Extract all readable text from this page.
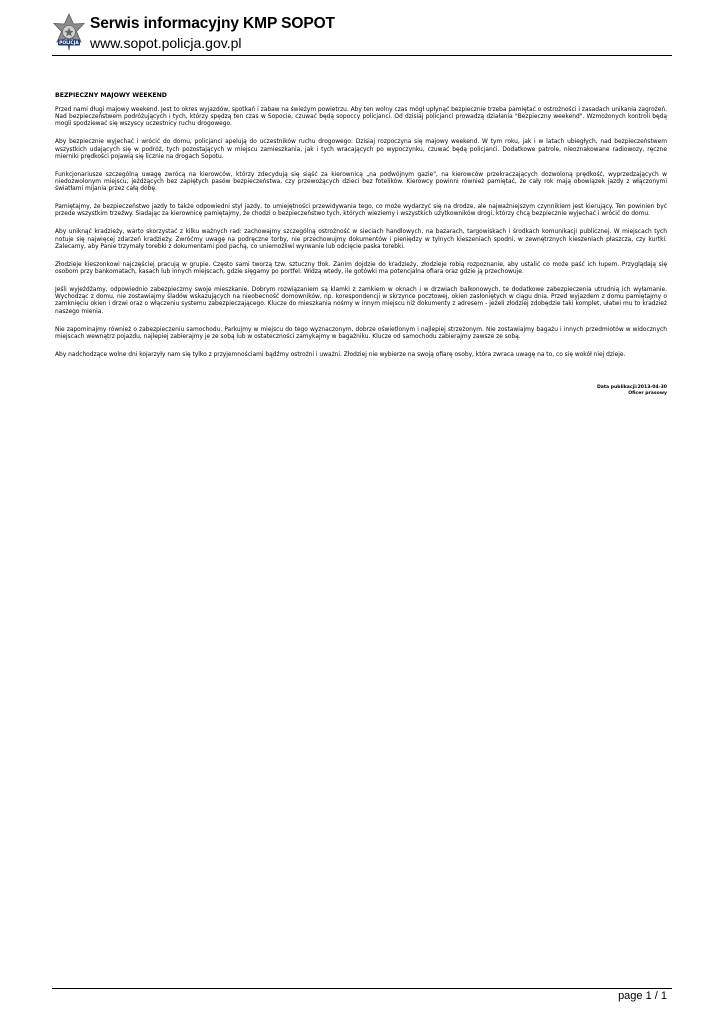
POLICJA
Serwis informacyjny KMP SOPOT
www.sopot.policja.gov.pl
BEZPIECZNY MAJOWY WEEKEND

Przed nami długi majowy weekend. Jest to okres wyjazdów, spotkań i zabaw na świeżym powietrzu. Aby ten wolny czas mógł upłynąć bezpiecznie trzeba pamiętać o ostrożności i zasadach unikania zagrożeń. Nad bezpieczeństwem podróżujących i tych, którzy spędzą ten czas w Sopocie, czuwać będą sopoccy policjanci. Od dzisiaj policjanci prowadzą działania "Bezpieczny weekend". Wzmożonych kontroli będą mogli spodziewać się wszyscy uczestnicy ruchu drogowego.

Aby bezpiecznie wyjechać i wrócić do domu, policjanci apelują do uczestników ruchu drogowego: Dzisiaj rozpoczyna się majowy weekend. W tym roku, jak i w latach ubiegłych, nad bezpieczeństwem wszystkich udających się w podróż, tych pozostających w miejscu zamieszkania, jak i tych wracających po wypoczynku, czuwać będą policjanci. Dodatkowe patrole, nieoznakowane radiowozy, ręczne mierniki prędkości pojawią się licznie na drogach Sopotu.

Funkcjonariusze szczególną uwagę zwrócą na kierowców, którzy zdecydują się siąść za kierownicą „na podwójnym gazie", na kierowców przekraczających dozwoloną prędkość, wyprzedzających w niedozwolonym miejscu, jeżdżących bez zapiętych pasów bezpieczeństwa, czy przewożących dzieci bez fotelików. Kierowcy powinni również pamiętać, że cały rok mają obowiązek jazdy z włączonymi światłami mijania przez całą dobę.

Pamiętajmy, że bezpieczeństwo jazdy to także odpowiedni styl jazdy, to umiejętności przewidywania tego, co może wydarzyć się na drodze, ale najważniejszym czynnikiem jest kierujący. Ten powinien być przede wszystkim trzeźwy. Siadając za kierownicę pamiętajmy, że chodzi o bezpieczeństwo tych, których wieziemy i wszystkich użytkowników drogi, którzy chcą bezpiecznie wyjechać i wrócić do domu.

Aby uniknąć kradzieży, warto skorzystać z kilku ważnych rad: zachowajmy szczególną ostrożność w sieciach handlowych, na bazarach, targowiskach i środkach komunikacji publicznej. W miejscach tych notuje się najwięcej zdarzeń kradzieży. Zwróćmy uwagę na podręczne torby, nie przechowujmy dokumentów i pieniędzy w tylnych kieszeniach spodni, w zewnętrznych kieszeniach płaszcza, czy kurtki. Zalecamy, aby Panie trzymały torebki z dokumentami pod pachą, co uniemożliwi wyrwanie lub odcięcie paska torebki.

Złodzieje kieszonkowi najczęściej pracują w grupie. Często sami tworzą tzw. sztuczny tłok. Zanim dojdzie do kradzieży, złodzieje robią rozpoznanie, aby ustalić co może paść ich łupem. Przyglądają się osobom przy bankomatach, kasach lub innych miejscach, gdzie sięgamy po portfel. Widzą wtedy, ile gotówki ma potencjalna ofiara oraz gdzie ją przechowuje.

Jeśli wyjeżdżamy, odpowiednio zabezpieczmy swoje mieszkanie. Dobrym rozwiązaniem są klamki z zamkiem w oknach i w drzwiach balkonowych, te dodatkowe zabezpieczenia utrudnią ich wyłamanie. Wychodząc z domu, nie zostawiajmy śladów wskazujących na nieobecność domowników, np. korespondencji w skrzynce pocztowej, okien zasłoniętych w ciągu dnia. Przed wyjazdem z domu pamiętajmy o zamknięciu okien i drzwi oraz o włączeniu systemu zabezpieczającego. Klucze do mieszkania nośmy w innym miejscu niż dokumenty z adresem - jeżeli złodziej zdobędzie taki komplet, ułatwi mu to kradzież naszego mienia.

Nie zapominajmy również o zabezpieczeniu samochodu. Parkujmy w miejscu do tego wyznaczonym, dobrze oświetlonym i najlepiej strzeżonym. Nie zostawiajmy bagażu i innych przedmiotów w widocznych miejscach wewnątrz pojazdu, najlepiej zabierajmy je ze sobą lub w ostateczności zamykajmy w bagażniku. Klucze od samochodu zabierajmy zawsze ze sobą.

Aby nadchodzące wolne dni kojarzyły nam się tylko z przyjemnościami bądźmy ostrożni i uważni. Złodziej nie wybierze na swoją ofiarę osoby, która zwraca uwagę na to, co się wokół niej dzieje.

Data publikacji:2013-04-30
Oficer prasowy
page 1 / 1
